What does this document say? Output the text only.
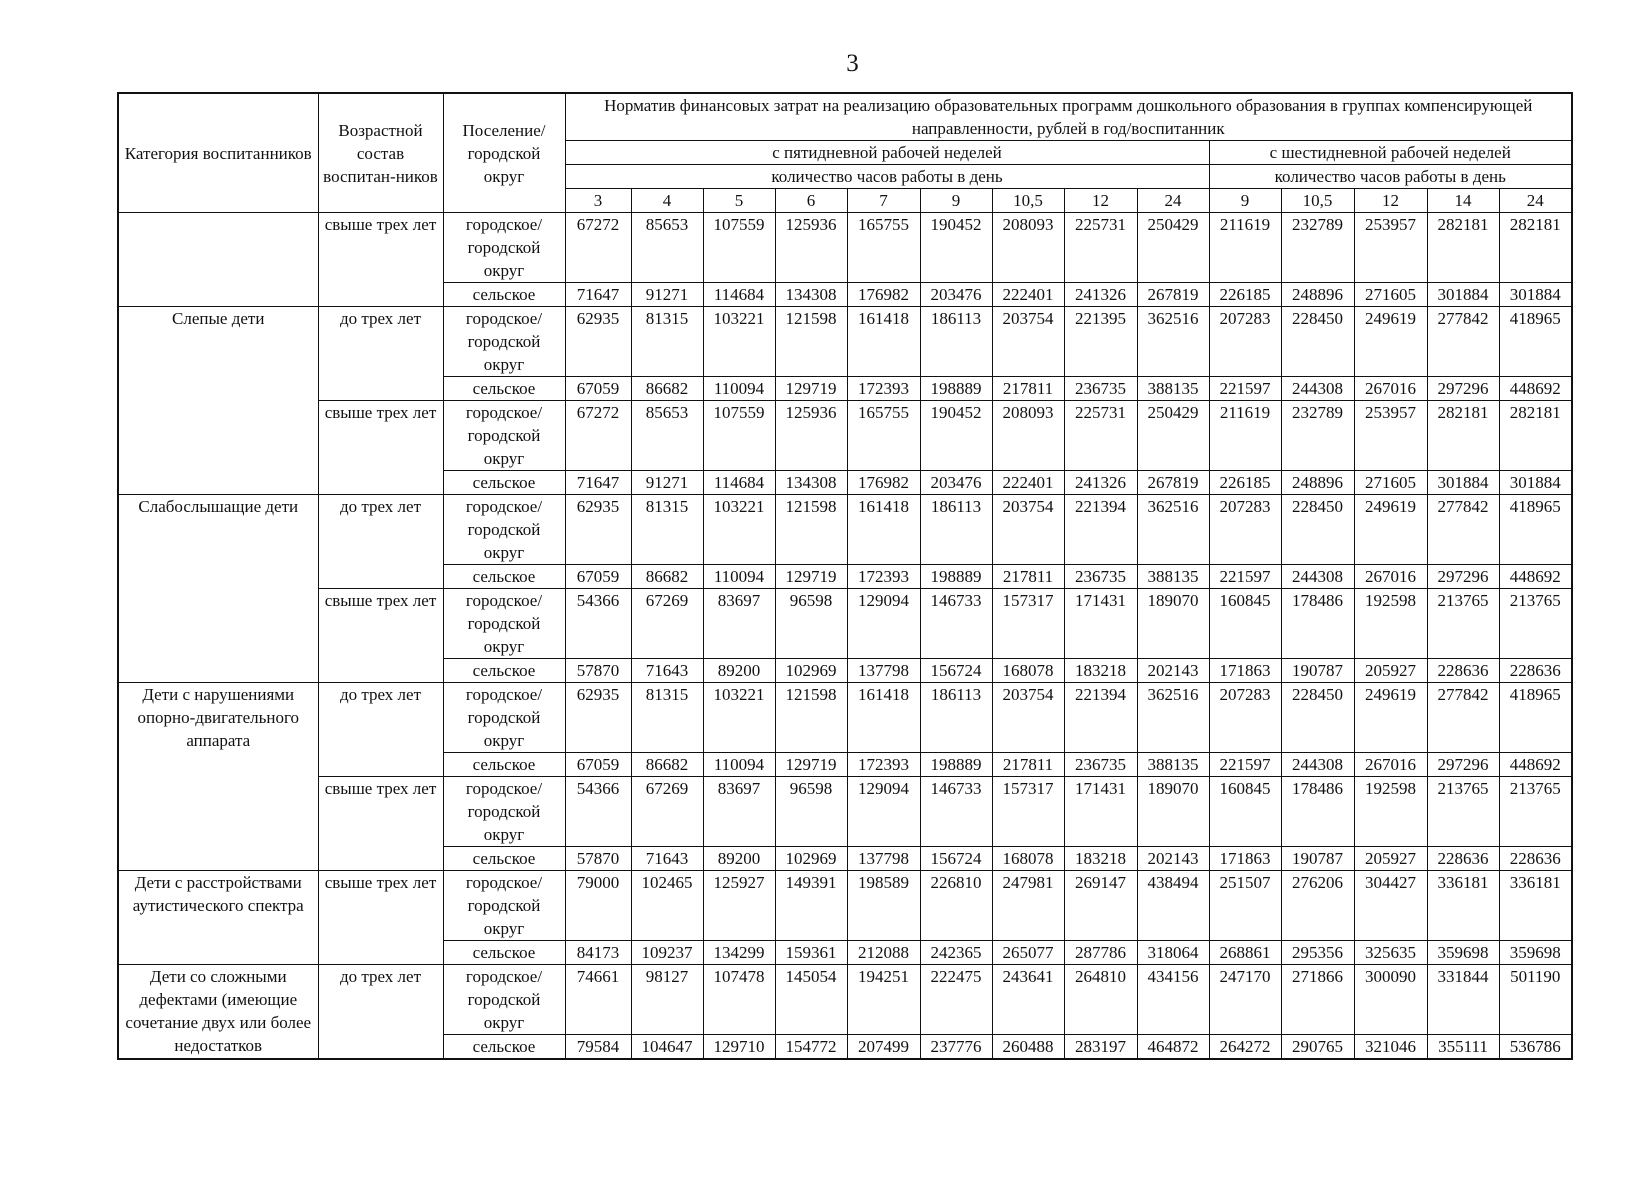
3
Категория воспитанников	Возрастной состав воспитан-ников	Поселение/ городской округ	Норматив финансовых затрат на реализацию образовательных программ дошкольного образования в группах компенсирующей направленности, рублей в год/воспитанник													
			с пятидневной рабочей неделей									с шестидневной рабочей неделей				
			количество часов работы в день									количество часов работы в день				
			3	4	5	6	7	9	10,5	12	24	9	10,5	12	14	24
	свыше трех лет	городское/ городской округ	67272	85653	107559	125936	165755	190452	208093	225731	250429	211619	232789	253957	282181	282181
		сельское	71647	91271	114684	134308	176982	203476	222401	241326	267819	226185	248896	271605	301884	301884
Слепые дети	до трех лет	городское/ городской округ	62935	81315	103221	121598	161418	186113	203754	221395	362516	207283	228450	249619	277842	418965
		сельское	67059	86682	110094	129719	172393	198889	217811	236735	388135	221597	244308	267016	297296	448692
	свыше трех лет	городское/ городской округ	67272	85653	107559	125936	165755	190452	208093	225731	250429	211619	232789	253957	282181	282181
		сельское	71647	91271	114684	134308	176982	203476	222401	241326	267819	226185	248896	271605	301884	301884
Слабослышащие дети	до трех лет	городское/ городской округ	62935	81315	103221	121598	161418	186113	203754	221394	362516	207283	228450	249619	277842	418965
		сельское	67059	86682	110094	129719	172393	198889	217811	236735	388135	221597	244308	267016	297296	448692
	свыше трех лет	городское/ городской округ	54366	67269	83697	96598	129094	146733	157317	171431	189070	160845	178486	192598	213765	213765
		сельское	57870	71643	89200	102969	137798	156724	168078	183218	202143	171863	190787	205927	228636	228636
Дети с нарушениями опорно-двигательного аппарата	до трех лет	городское/ городской округ	62935	81315	103221	121598	161418	186113	203754	221394	362516	207283	228450	249619	277842	418965
		сельское	67059	86682	110094	129719	172393	198889	217811	236735	388135	221597	244308	267016	297296	448692
	свыше трех лет	городское/ городской округ	54366	67269	83697	96598	129094	146733	157317	171431	189070	160845	178486	192598	213765	213765
		сельское	57870	71643	89200	102969	137798	156724	168078	183218	202143	171863	190787	205927	228636	228636
Дети с расстройствами аутистического спектра	свыше трех лет	городское/ городской округ	79000	102465	125927	149391	198589	226810	247981	269147	438494	251507	276206	304427	336181	336181
		сельское	84173	109237	134299	159361	212088	242365	265077	287786	318064	268861	295356	325635	359698	359698
Дети со сложными дефектами (имеющие сочетание двух или более недостатков	до трех лет	городское/ городской округ	74661	98127	107478	145054	194251	222475	243641	264810	434156	247170	271866	300090	331844	501190
		сельское	79584	104647	129710	154772	207499	237776	260488	283197	464872	264272	290765	321046	355111	536786
